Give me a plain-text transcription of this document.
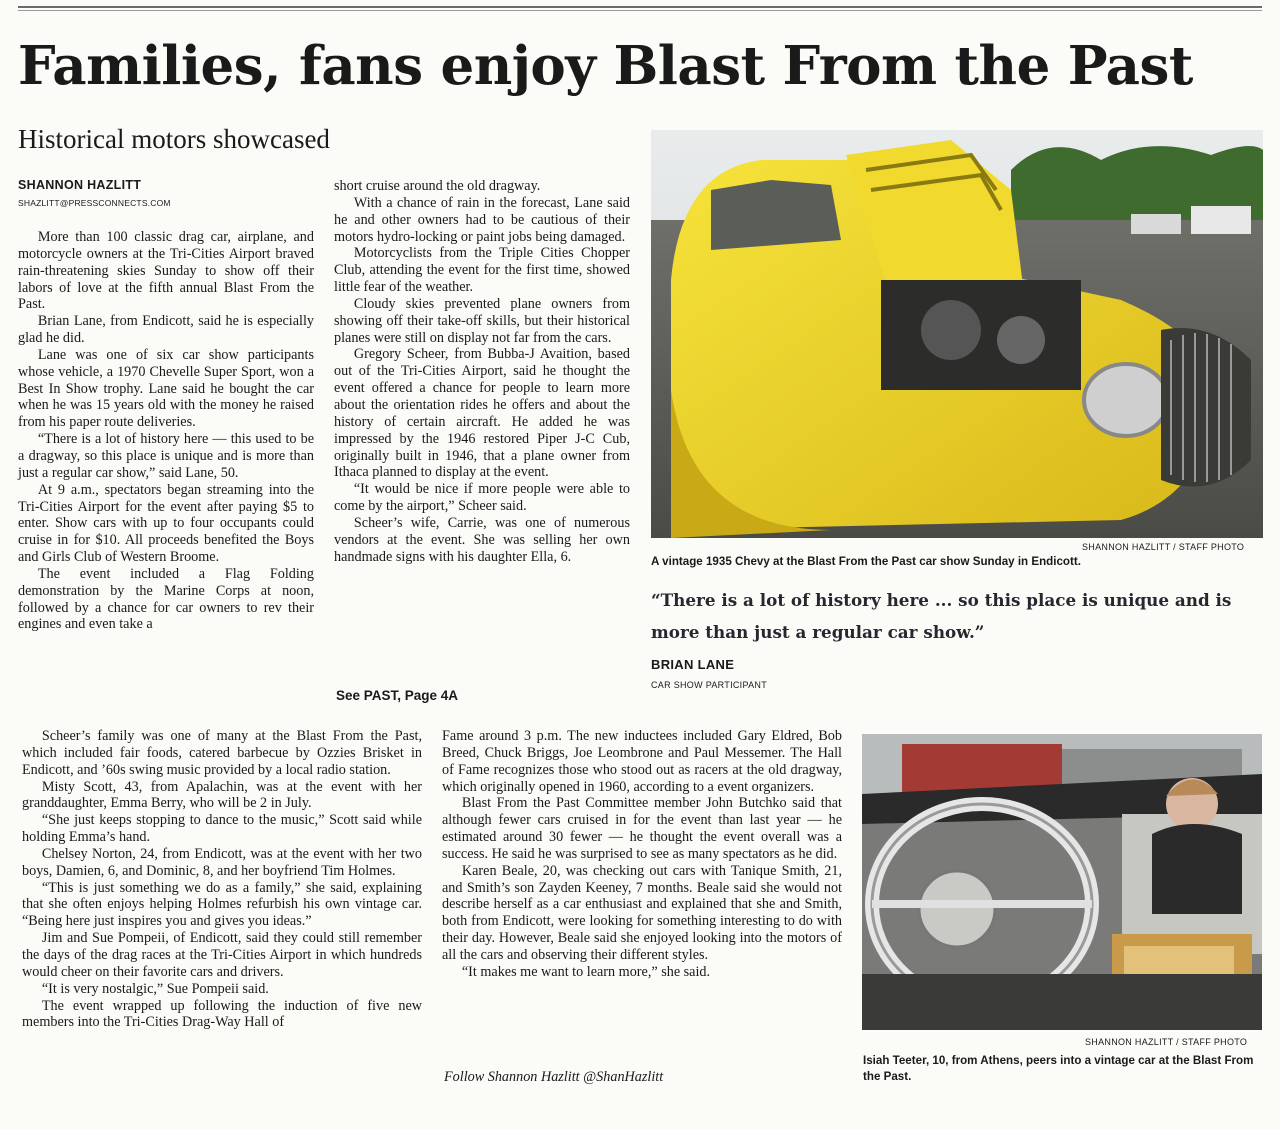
Families, fans enjoy Blast From the Past
Historical motors showcased
SHANNON HAZLITT
SHAZLITT@PRESSCONNECTS.COM

More than 100 classic drag car, airplane, and motorcycle owners at the Tri-Cities Airport braved rain-threatening skies Sunday to show off their labors of love at the fifth annual Blast From the Past.

Brian Lane, from Endicott, said he is especially glad he did.

Lane was one of six car show participants whose vehicle, a 1970 Chevelle Super Sport, won a Best In Show trophy. Lane said he bought the car when he was 15 years old with the money he raised from his paper route deliveries.

“There is a lot of history here — this used to be a dragway, so this place is unique and is more than just a regular car show,” said Lane, 50.

At 9 a.m., spectators began streaming into the Tri-Cities Airport for the event after paying $5 to enter. Show cars with up to four occupants could cruise in for $10. All proceeds benefited the Boys and Girls Club of Western Broome.

The event included a Flag Folding demonstration by the Marine Corps at noon, followed by a chance for car owners to rev their engines and even take a

short cruise around the old dragway.

With a chance of rain in the forecast, Lane said he and other owners had to be cautious of their motors hydro-locking or paint jobs being damaged.

Motorcyclists from the Triple Cities Chopper Club, attending the event for the first time, showed little fear of the weather.

Cloudy skies prevented plane owners from showing off their take-off skills, but their historical planes were still on display not far from the cars.

Gregory Scheer, from Bubba-J Avaition, based out of the Tri-Cities Airport, said he thought the event offered a chance for people to learn more about the orientation rides he offers and about the history of certain aircraft. He added he was impressed by the 1946 restored Piper J-C Cub, originally built in 1946, that a plane owner from Ithaca planned to display at the event.

“It would be nice if more people were able to come by the airport,” Scheer said.

Scheer’s wife, Carrie, was one of numerous vendors at the event. She was selling her own handmade signs with his daughter Ella, 6.

See PAST, Page 4A
SHANNON HAZLITT / STAFF PHOTO
A vintage 1935 Chevy at the Blast From the Past car show Sunday in Endicott.
“There is a lot of history here ... so this place is unique and is more than just a regular car show.”
BRIAN LANE
CAR SHOW PARTICIPANT

Scheer’s family was one of many at the Blast From the Past, which included fair foods, catered barbecue by Ozzies Brisket in Endicott, and ’60s swing music provided by a local radio station.

Misty Scott, 43, from Apalachin, was at the event with her granddaughter, Emma Berry, who will be 2 in July.

“She just keeps stopping to dance to the music,” Scott said while holding Emma’s hand.

Chelsey Norton, 24, from Endicott, was at the event with her two boys, Damien, 6, and Dominic, 8, and her boyfriend Tim Holmes.

“This is just something we do as a family,” she said, explaining that she often enjoys helping Holmes refurbish his own vintage car. “Being here just inspires you and gives you ideas.”

Jim and Sue Pompeii, of Endicott, said they could still remember the days of the drag races at the Tri-Cities Airport in which hundreds would cheer on their favorite cars and drivers.

“It is very nostalgic,” Sue Pompeii said.

The event wrapped up following the induction of five new members into the Tri-Cities Drag-Way Hall of

Fame around 3 p.m. The new inductees included Gary Eldred, Bob Breed, Chuck Briggs, Joe Leombrone and Paul Messemer. The Hall of Fame recognizes those who stood out as racers at the old dragway, which originally opened in 1960, according to a event organizers.

Blast From the Past Committee member John Butchko said that although fewer cars cruised in for the event than last year — he estimated around 30 fewer — he thought the event overall was a success. He said he was surprised to see as many spectators as he did.

Karen Beale, 20, was checking out cars with Tanique Smith, 21, and Smith’s son Zayden Keeney, 7 months. Beale said she would not describe herself as a car enthusiast and explained that she and Smith, both from Endicott, were looking for something interesting to do with their day. However, Beale said she enjoyed looking into the motors of all the cars and observing their different styles.

“It makes me want to learn more,” she said.

Follow Shannon Hazlitt @ShanHazlitt
SHANNON HAZLITT / STAFF PHOTO
Isiah Teeter, 10, from Athens, peers into a vintage car at the Blast From the Past.
